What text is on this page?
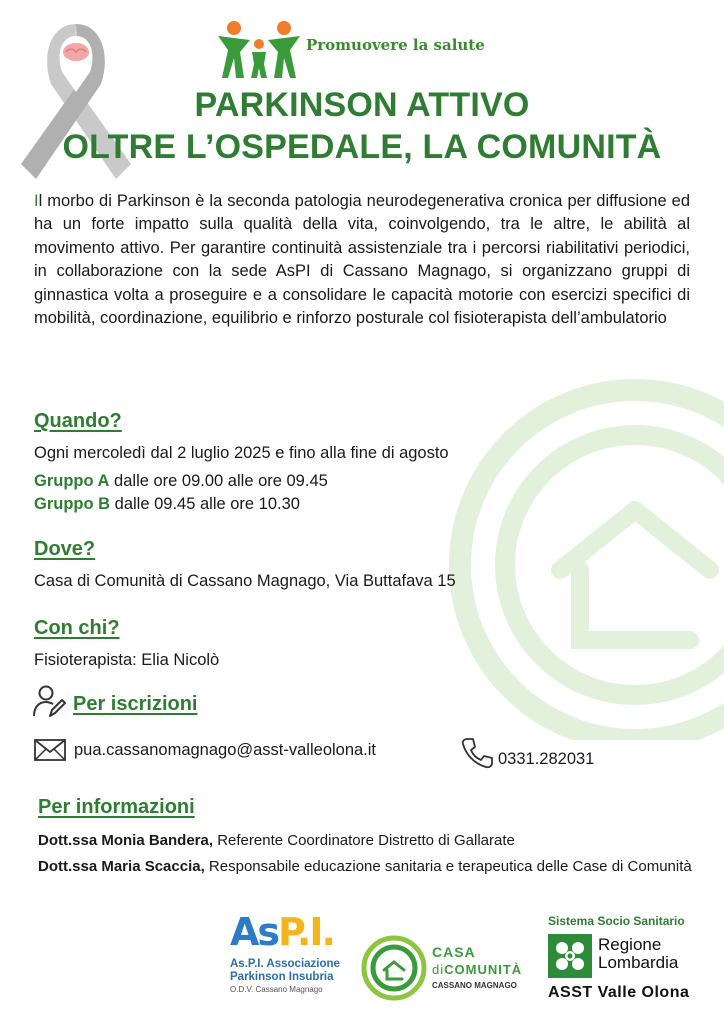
Promuovere la salute
PARKINSON ATTIVO
OLTRE L’OSPEDALE, LA COMUNITÀ
Il morbo di Parkinson è la seconda patologia neurodegenerativa cronica per diffusione ed ha un forte impatto sulla qualità della vita, coinvolgendo, tra le altre, le abilità al movimento attivo. Per garantire continuità assistenziale tra i percorsi riabilitativi periodici, in collaborazione con la sede AsPI di Cassano Magnago, si organizzano gruppi di ginnastica volta a proseguire e a consolidare le capacità motorie con esercizi specifici di mobilità, coordinazione, equilibrio e rinforzo posturale col fisioterapista dell’ambulatorio
Quando?
Ogni mercoledì dal 2 luglio 2025 e fino alla fine di agosto
Gruppo A dalle ore 09.00 alle ore 09.45
Gruppo B dalle 09.45 alle ore 10.30
Dove?
Casa di Comunità di Cassano Magnago, Via Buttafava 15
Con chi?
Fisioterapista: Elia Nicolò
Per iscrizioni
pua.cassanomagnago@asst-valleolona.it	0331.282031
Per informazioni
Dott.ssa Monia Bandera, Referente Coordinatore Distretto di Gallarate
Dott.ssa Maria Scaccia, Responsabile educazione sanitaria e terapeutica delle Case di Comunità
AsP.I.
As.P.I. Associazione
Parkinson Insubria
O.D.V. Cassano Magnago
CASA
diCOMUNITÀ
CASSANO MAGNAGO
Sistema Socio Sanitario
Regione
Lombardia
ASST Valle Olona
